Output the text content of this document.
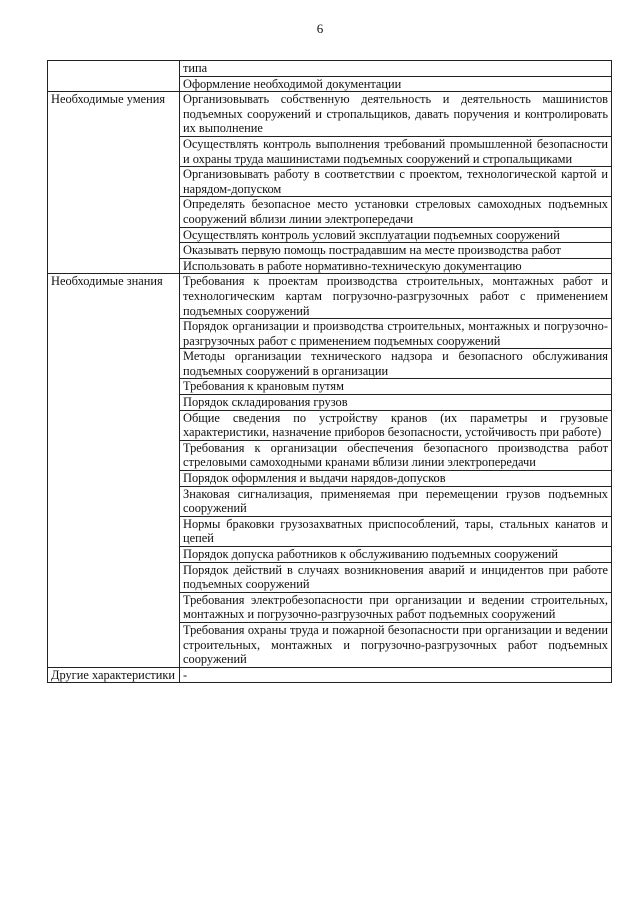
6
	типа
	Оформление необходимой документации
Необходимые умения	Организовывать собственную деятельность и деятельность машинистов подъемных сооружений и стропальщиков, давать поручения и контролировать их выполнение
	Осуществлять контроль выполнения требований промышленной безопасности и охраны труда машинистами подъемных сооружений и стропальщиками
	Организовывать работу в соответствии с проектом, технологической картой и нарядом-допуском
	Определять безопасное место установки стреловых самоходных подъемных сооружений вблизи линии электропередачи
	Осуществлять контроль условий эксплуатации подъемных сооружений
	Оказывать первую помощь пострадавшим на месте производства работ
	Использовать в работе нормативно-техническую документацию
Необходимые знания	Требования к проектам производства строительных, монтажных работ и технологическим картам погрузочно-разгрузочных работ с применением подъемных сооружений
	Порядок организации и производства строительных, монтажных и погрузочно-разгрузочных работ с применением подъемных сооружений
	Методы организации технического надзора и безопасного обслуживания подъемных сооружений в организации
	Требования к крановым путям
	Порядок складирования грузов
	Общие сведения по устройству кранов (их параметры и грузовые характеристики, назначение приборов безопасности, устойчивость при работе)
	Требования к организации обеспечения безопасного производства работ стреловыми самоходными кранами вблизи линии электропередачи
	Порядок оформления и выдачи нарядов-допусков
	Знаковая сигнализация, применяемая при перемещении грузов подъемных сооружений
	Нормы браковки грузозахватных приспособлений, тары, стальных канатов и цепей
	Порядок допуска работников к обслуживанию подъемных сооружений
	Порядок действий в случаях возникновения аварий и инцидентов при работе подъемных сооружений
	Требования электробезопасности при организации и ведении строительных, монтажных и погрузочно-разгрузочных работ подъемных сооружений
	Требования охраны труда и пожарной безопасности при организации и ведении строительных, монтажных и погрузочно-разгрузочных работ подъемных сооружений
Другие характеристики	-
